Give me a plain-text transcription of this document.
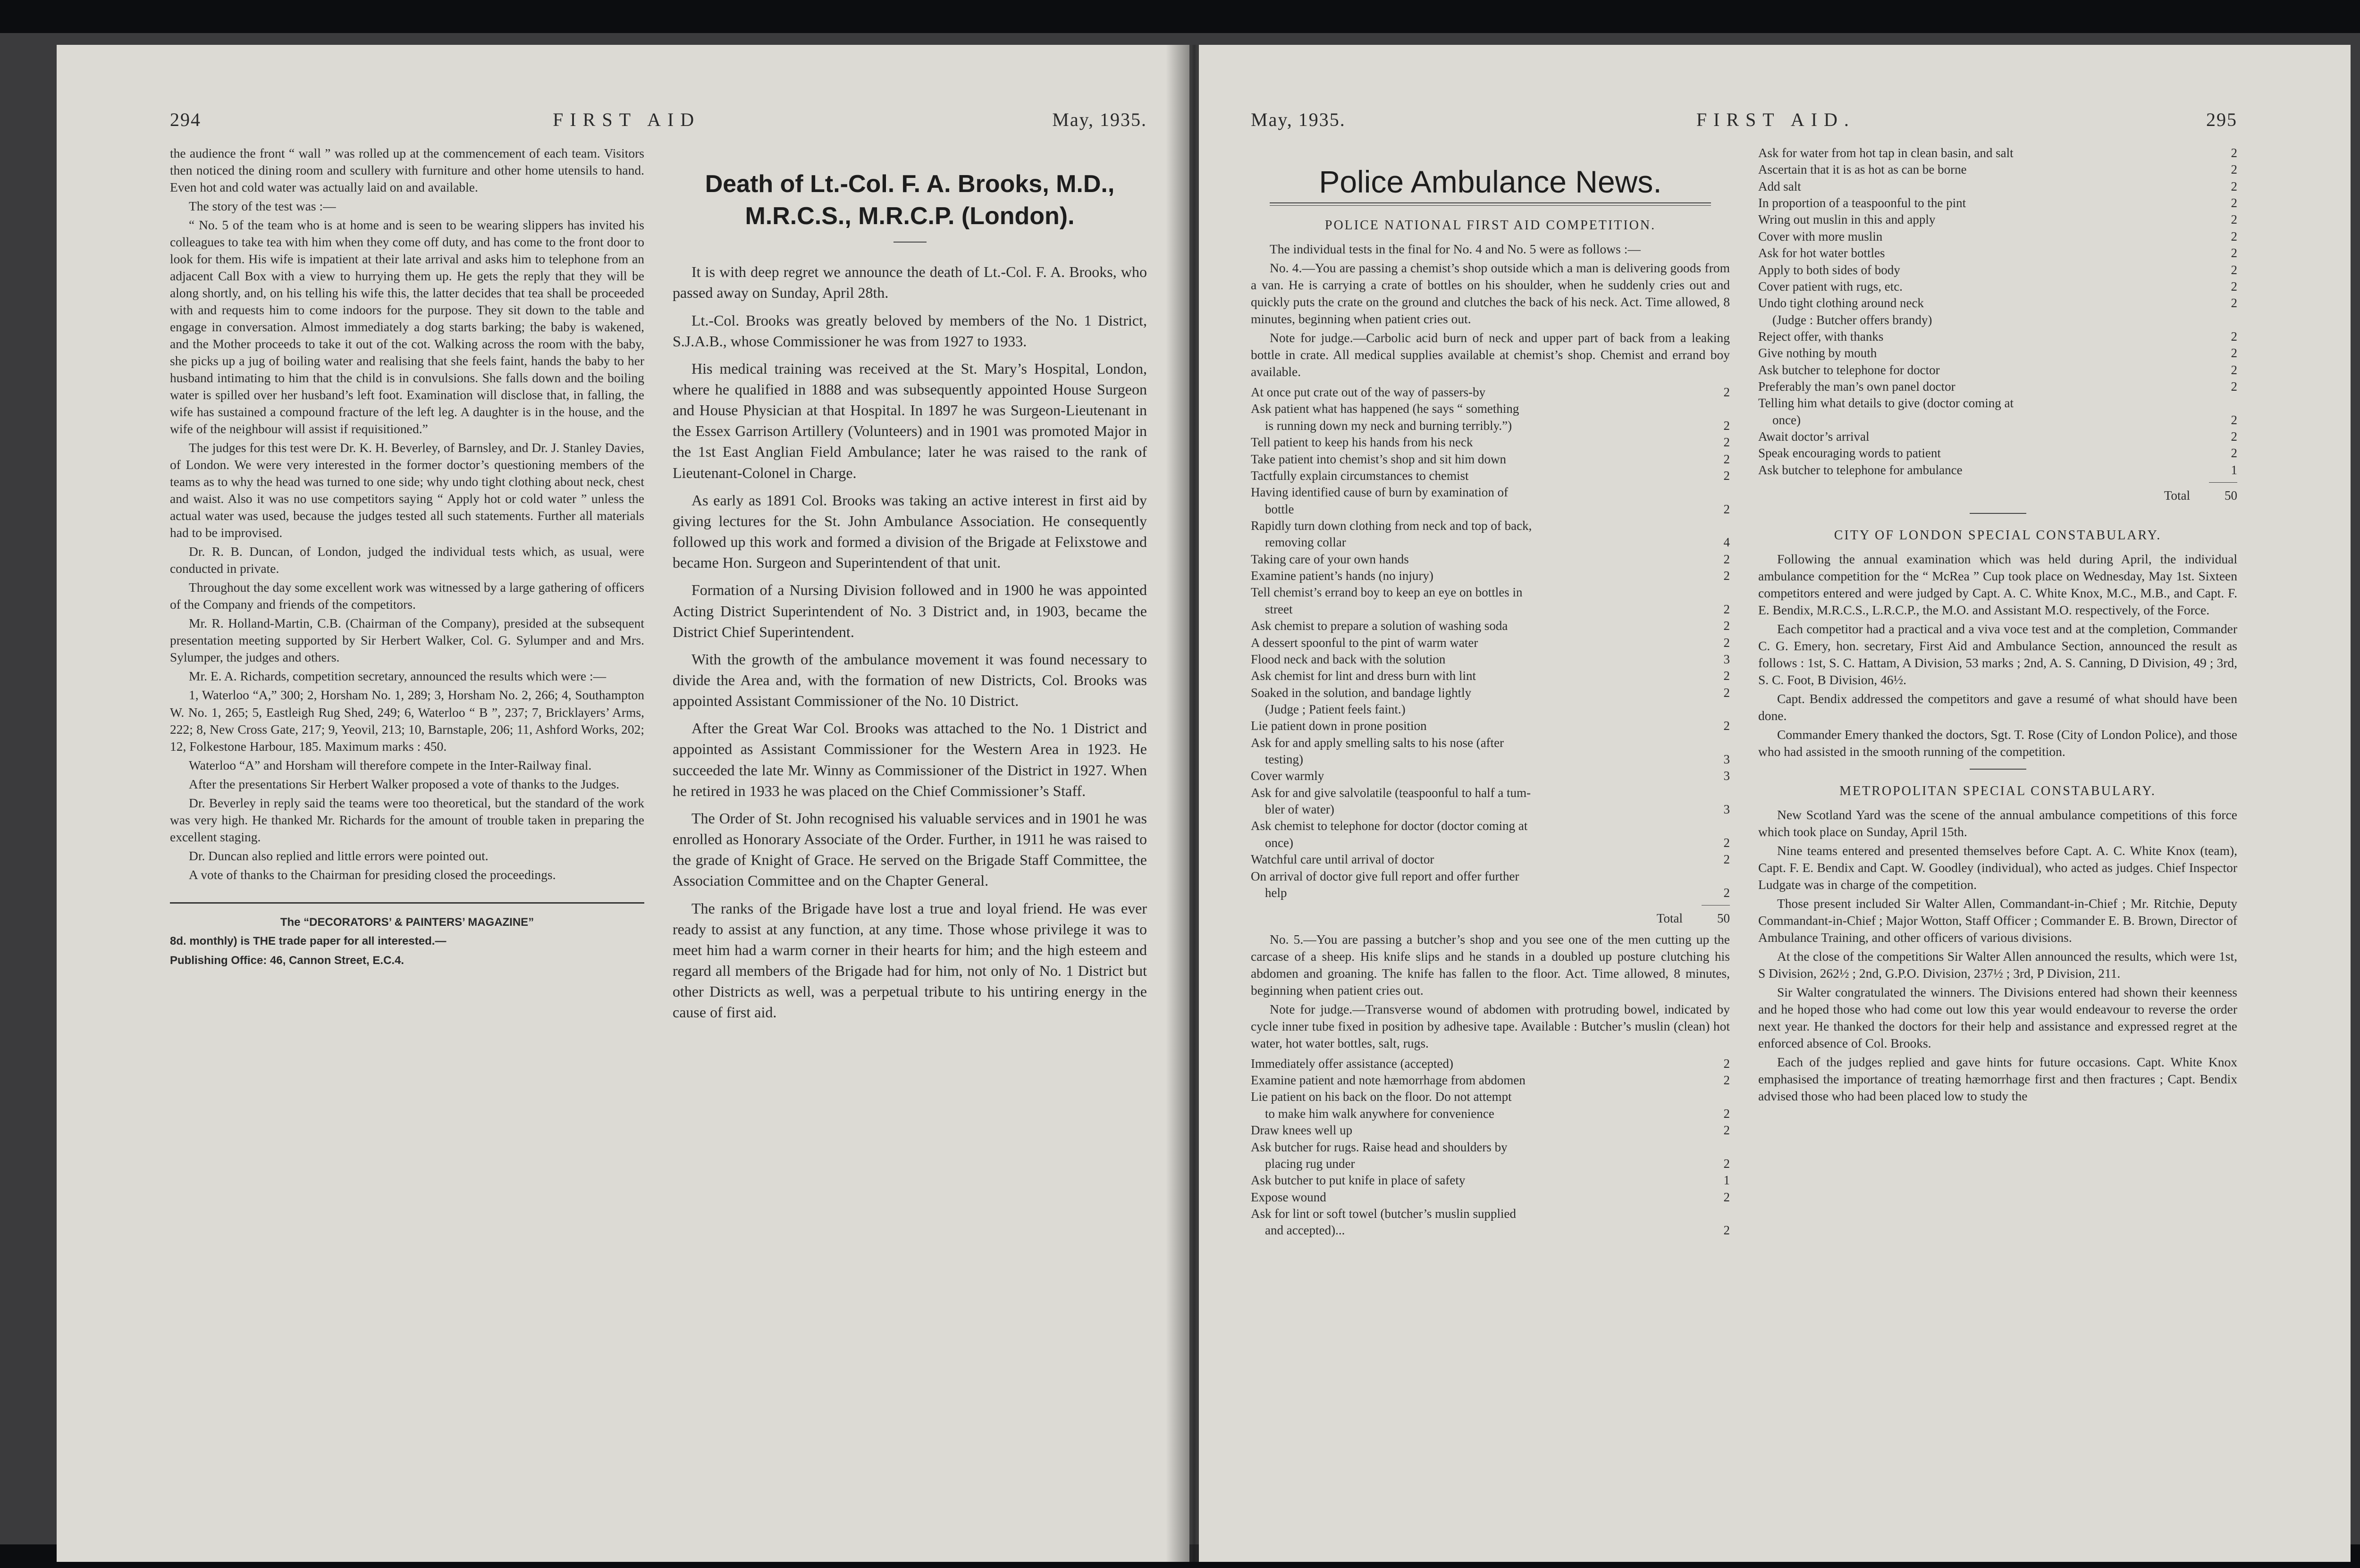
294	FIRST AID	May, 1935.

the audience the front “ wall ” was rolled up at the commencement of each team. Visitors then noticed the dining room and scullery with furniture and other home utensils to hand. Even hot and cold water was actually laid on and available.

The story of the test was :—

“ No. 5 of the team who is at home and is seen to be wearing slippers has invited his colleagues to take tea with him when they come off duty, and has come to the front door to look for them. His wife is impatient at their late arrival and asks him to telephone from an adjacent Call Box with a view to hurrying them up. He gets the reply that they will be along shortly, and, on his telling his wife this, the latter decides that tea shall be proceeded with and requests him to come indoors for the purpose. They sit down to the table and engage in conversation. Almost immediately a dog starts barking; the baby is wakened, and the Mother proceeds to take it out of the cot. Walking across the room with the baby, she picks up a jug of boiling water and realising that she feels faint, hands the baby to her husband intimating to him that the child is in convulsions. She falls down and the boiling water is spilled over her husband’s left foot. Examination will disclose that, in falling, the wife has sustained a compound fracture of the left leg. A daughter is in the house, and the wife of the neighbour will assist if requisitioned.”

The judges for this test were Dr. K. H. Beverley, of Barnsley, and Dr. J. Stanley Davies, of London. We were very interested in the former doctor’s questioning members of the teams as to why the head was turned to one side; why undo tight clothing about neck, chest and waist. Also it was no use competitors saying “ Apply hot or cold water ” unless the actual water was used, because the judges tested all such statements. Further all materials had to be improvised.

Dr. R. B. Duncan, of London, judged the individual tests which, as usual, were conducted in private.

Throughout the day some excellent work was witnessed by a large gathering of officers of the Company and friends of the competitors.

Mr. R. Holland-Martin, C.B. (Chairman of the Company), presided at the subsequent presentation meeting supported by Sir Herbert Walker, Col. G. Sylumper and and Mrs. Sylumper, the judges and others.

Mr. E. A. Richards, competition secretary, announced the results which were :—

1, Waterloo “A,” 300; 2, Horsham No. 1, 289; 3, Horsham No. 2, 266; 4, Southampton W. No. 1, 265; 5, Eastleigh Rug Shed, 249; 6, Waterloo “ B ”, 237; 7, Bricklayers’ Arms, 222; 8, New Cross Gate, 217; 9, Yeovil, 213; 10, Barnstaple, 206; 11, Ashford Works, 202; 12, Folkestone Harbour, 185. Maximum marks : 450.

Waterloo “A” and Horsham will therefore compete in the Inter-Railway final.

After the presentations Sir Herbert Walker proposed a vote of thanks to the Judges.

Dr. Beverley in reply said the teams were too theoretical, but the standard of the work was very high. He thanked Mr. Richards for the amount of trouble taken in preparing the excellent staging.

Dr. Duncan also replied and little errors were pointed out.

A vote of thanks to the Chairman for presiding closed the proceedings.

The “DECORATORS’ & PAINTERS’ MAGAZINE”
8d. monthly) is THE trade paper for all interested.—
Publishing Office: 46, Cannon Street, E.C.4.
Death of Lt.-Col. F. A. Brooks, M.D., M.R.C.S., M.R.C.P. (London).

It is with deep regret we announce the death of Lt.-Col. F. A. Brooks, who passed away on Sunday, April 28th.

Lt.-Col. Brooks was greatly beloved by members of the No. 1 District, S.J.A.B., whose Commissioner he was from 1927 to 1933.

His medical training was received at the St. Mary’s Hospital, London, where he qualified in 1888 and was subsequently appointed House Surgeon and House Physician at that Hospital. In 1897 he was Surgeon-Lieutenant in the Essex Garrison Artillery (Volunteers) and in 1901 was promoted Major in the 1st East Anglian Field Ambulance; later he was raised to the rank of Lieutenant-Colonel in Charge.

As early as 1891 Col. Brooks was taking an active interest in first aid by giving lectures for the St. John Ambulance Association. He consequently followed up this work and formed a division of the Brigade at Felixstowe and became Hon. Surgeon and Superintendent of that unit.

Formation of a Nursing Division followed and in 1900 he was appointed Acting District Superintendent of No. 3 District and, in 1903, became the District Chief Superintendent.

With the growth of the ambulance movement it was found necessary to divide the Area and, with the formation of new Districts, Col. Brooks was appointed Assistant Commissioner of the No. 10 District.

After the Great War Col. Brooks was attached to the No. 1 District and appointed as Assistant Commissioner for the Western Area in 1923. He succeeded the late Mr. Winny as Commissioner of the District in 1927. When he retired in 1933 he was placed on the Chief Commissioner’s Staff.

The Order of St. John recognised his valuable services and in 1901 he was enrolled as Honorary Associate of the Order. Further, in 1911 he was raised to the grade of Knight of Grace. He served on the Brigade Staff Committee, the Association Committee and on the Chapter General.

The ranks of the Brigade have lost a true and loyal friend. He was ever ready to assist at any function, at any time. Those whose privilege it was to meet him had a warm corner in their hearts for him; and the high esteem and regard all members of the Brigade had for him, not only of No. 1 District but other Districts as well, was a perpetual tribute to his untiring energy in the cause of first aid.

May, 1935.	FIRST AID.	295
Police Ambulance News.
POLICE NATIONAL FIRST AID COMPETITION.

The individual tests in the final for No. 4 and No. 5 were as follows :—

No. 4.—You are passing a chemist’s shop outside which a man is delivering goods from a van. He is carrying a crate of bottles on his shoulder, when he suddenly cries out and quickly puts the crate on the ground and clutches the back of his neck. Act. Time allowed, 8 minutes, beginning when patient cries out.

Note for judge.—Carbolic acid burn of neck and upper part of back from a leaking bottle in crate. All medical supplies available at chemist’s shop. Chemist and errand boy available.

At once put crate out of the way of passers-by	2
Ask patient what has happened (he says “ something
is running down my neck and burning terribly.”)	2
Tell patient to keep his hands from his neck	2
Take patient into chemist’s shop and sit him down	2
Tactfully explain circumstances to chemist	2
Having identified cause of burn by examination of
bottle	2
Rapidly turn down clothing from neck and top of back,
removing collar	4
Taking care of your own hands	2
Examine patient’s hands (no injury)	2
Tell chemist’s errand boy to keep an eye on bottles in
street	2
Ask chemist to prepare a solution of washing soda	2
A dessert spoonful to the pint of warm water	2
Flood neck and back with the solution	3
Ask chemist for lint and dress burn with lint	2
Soaked in the solution, and bandage lightly	2
(Judge ; Patient feels faint.)
Lie patient down in prone position	2
Ask for and apply smelling salts to his nose (after
testing)	3
Cover warmly	3
Ask for and give salvolatile (teaspoonful to half a tum-
bler of water)	3
Ask chemist to telephone for doctor (doctor coming at
once)	2
Watchful care until arrival of doctor	2
On arrival of doctor give full report and offer further
help	2
Total	50

No. 5.—You are passing a butcher’s shop and you see one of the men cutting up the carcase of a sheep. His knife slips and he stands in a doubled up posture clutching his abdomen and groaning. The knife has fallen to the floor. Act. Time allowed, 8 minutes, beginning when patient cries out.

Note for judge.—Transverse wound of abdomen with protruding bowel, indicated by cycle inner tube fixed in position by adhesive tape. Available : Butcher’s muslin (clean) hot water, hot water bottles, salt, rugs.

Immediately offer assistance (accepted)	2
Examine patient and note hæmorrhage from abdomen	2
Lie patient on his back on the floor. Do not attempt
to make him walk anywhere for convenience	2
Draw knees well up	2
Ask butcher for rugs. Raise head and shoulders by
placing rug under	2
Ask butcher to put knife in place of safety	1
Expose wound	2
Ask for lint or soft towel (butcher’s muslin supplied
and accepted)...	2
Ask for water from hot tap in clean basin, and salt	2
Ascertain that it is as hot as can be borne	2
Add salt	2
In proportion of a teaspoonful to the pint	2
Wring out muslin in this and apply	2
Cover with more muslin	2
Ask for hot water bottles	2
Apply to both sides of body	2
Cover patient with rugs, etc.	2
Undo tight clothing around neck	2
(Judge : Butcher offers brandy)
Reject offer, with thanks	2
Give nothing by mouth	2
Ask butcher to telephone for doctor	2
Preferably the man’s own panel doctor	2
Telling him what details to give (doctor coming at
once)	2
Await doctor’s arrival	2
Speak encouraging words to patient	2
Ask butcher to telephone for ambulance	1
Total	50
CITY OF LONDON SPECIAL CONSTABULARY.

Following the annual examination which was held during April, the individual ambulance competition for the “ McRea ” Cup took place on Wednesday, May 1st. Sixteen competitors entered and were judged by Capt. A. C. White Knox, M.C., M.B., and Capt. F. E. Bendix, M.R.C.S., L.R.C.P., the M.O. and Assistant M.O. respectively, of the Force.

Each competitor had a practical and a viva voce test and at the completion, Commander C. G. Emery, hon. secretary, First Aid and Ambulance Section, announced the result as follows : 1st, S. C. Hattam, A Division, 53 marks ; 2nd, A. S. Canning, D Division, 49 ; 3rd, S. C. Foot, B Division, 46½.

Capt. Bendix addressed the competitors and gave a resumé of what should have been done.

Commander Emery thanked the doctors, Sgt. T. Rose (City of London Police), and those who had assisted in the smooth running of the competition.

METROPOLITAN SPECIAL CONSTABULARY.

New Scotland Yard was the scene of the annual ambulance competitions of this force which took place on Sunday, April 15th.

Nine teams entered and presented themselves before Capt. A. C. White Knox (team), Capt. F. E. Bendix and Capt. W. Goodley (individual), who acted as judges. Chief Inspector Ludgate was in charge of the competition.

Those present included Sir Walter Allen, Commandant-in-Chief ; Mr. Ritchie, Deputy Commandant-in-Chief ; Major Wotton, Staff Officer ; Commander E. B. Brown, Director of Ambulance Training, and other officers of various divisions.

At the close of the competitions Sir Walter Allen announced the results, which were 1st, S Division, 262½ ; 2nd, G.P.O. Division, 237½ ; 3rd, P Division, 211.

Sir Walter congratulated the winners. The Divisions entered had shown their keenness and he hoped those who had come out low this year would endeavour to reverse the order next year. He thanked the doctors for their help and assistance and expressed regret at the enforced absence of Col. Brooks.

Each of the judges replied and gave hints for future occasions. Capt. White Knox emphasised the importance of treating hæmorrhage first and then fractures ; Capt. Bendix advised those who had been placed low to study the
